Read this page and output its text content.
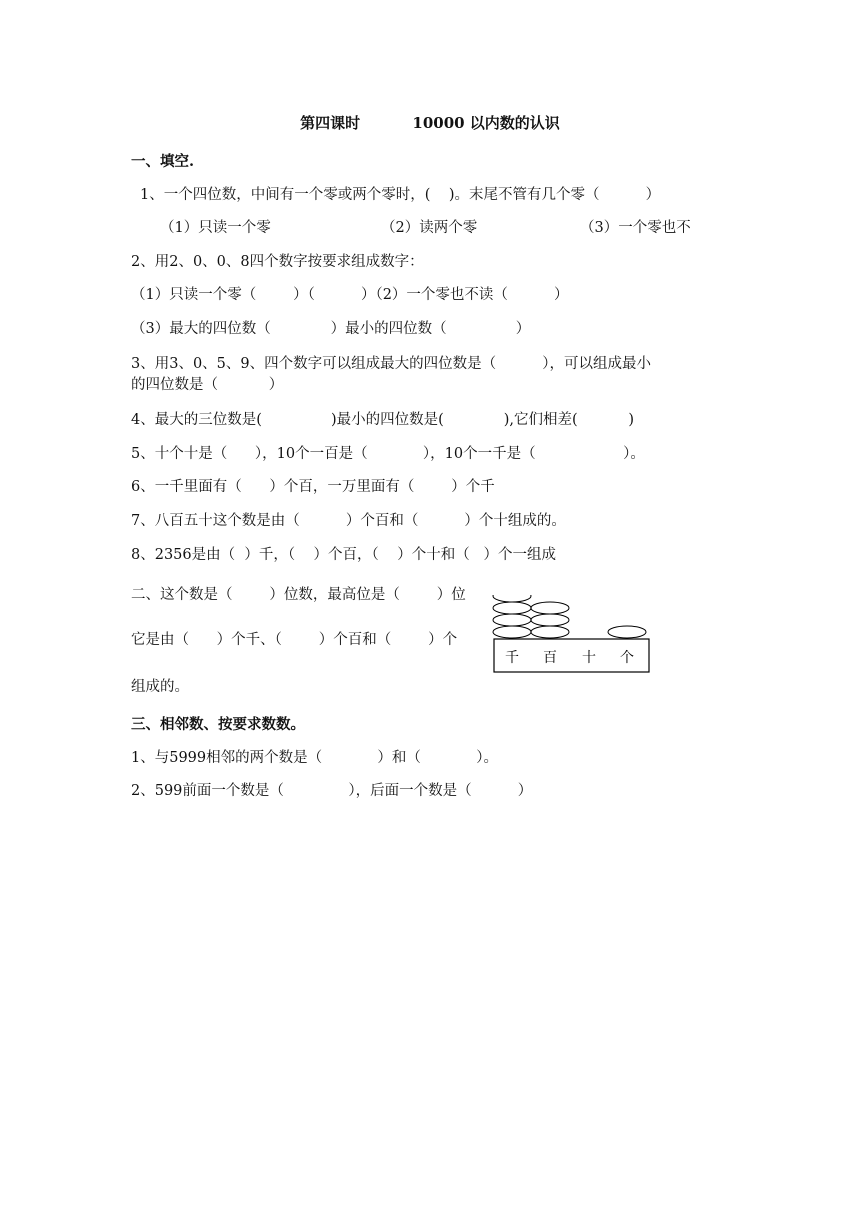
第四课时          10000 以内数的认识
一、填空.
1、一个四位数，中间有一个零或两个零时，(    )。末尾不管有几个零（          ）
（1）只读一个零	（2）读两个零	（3）一个零也不
2、用2、0、0、8四个数字按要求组成数字：
（1）只读一个零（        ）（          ）（2）一个零也不读（          ）
（3）最大的四位数（             ）最小的四位数（               ）
3、用3、0、5、9、四个数字可以组成最大的四位数是（          ），可以组成最小
的四位数是（           ）
4、最大的三位数是(               )最小的四位数是(             ),它们相差(           )
5、十个十是（      ），10个一百是（            ），10个一千是（                   ）。
6、一千里面有（      ）个百，一万里面有（        ）个千
7、八百五十这个数是由（          ）个百和（          ）个十组成的。
8、2356是由（  ）千，（    ）个百，（    ）个十和（   ）个一组成
二、这个数是（        ）位数，最高位是（        ）位
它是由（      ）个千、（        ）个百和（        ）个
组成的。
千 百 十 个
三、相邻数、按要求数数。
1、与5999相邻的两个数是（            ）和（            ）。
2、599前面一个数是（              ），后面一个数是（          ）
